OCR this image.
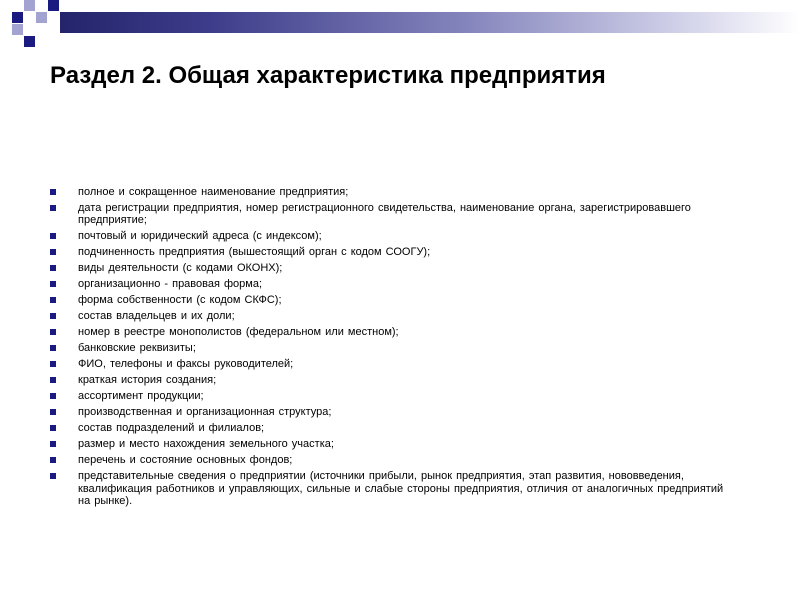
Раздел 2. Общая характеристика предприятия
полное и сокращенное наименование предприятия;
дата регистрации предприятия, номер регистрационного свидетельства, наименование органа, зарегистрировавшего предприятие;
почтовый и юридический адреса (с индексом);
подчиненность предприятия (вышестоящий орган с кодом СООГУ);
виды деятельности (с кодами ОКОНХ);
организационно - правовая форма;
форма собственности (с кодом СКФС);
состав владельцев и их доли;
номер в реестре монополистов (федеральном или местном);
банковские реквизиты;
ФИО, телефоны и факсы руководителей;
краткая история создания;
ассортимент продукции;
производственная и организационная структура;
состав подразделений и филиалов;
размер и место нахождения земельного участка;
перечень и состояние основных фондов;
представительные сведения о предприятии (источники прибыли, рынок предприятия, этап развития, нововведения, квалификация работников и управляющих, сильные и слабые стороны предприятия, отличия от аналогичных предприятий на рынке).
